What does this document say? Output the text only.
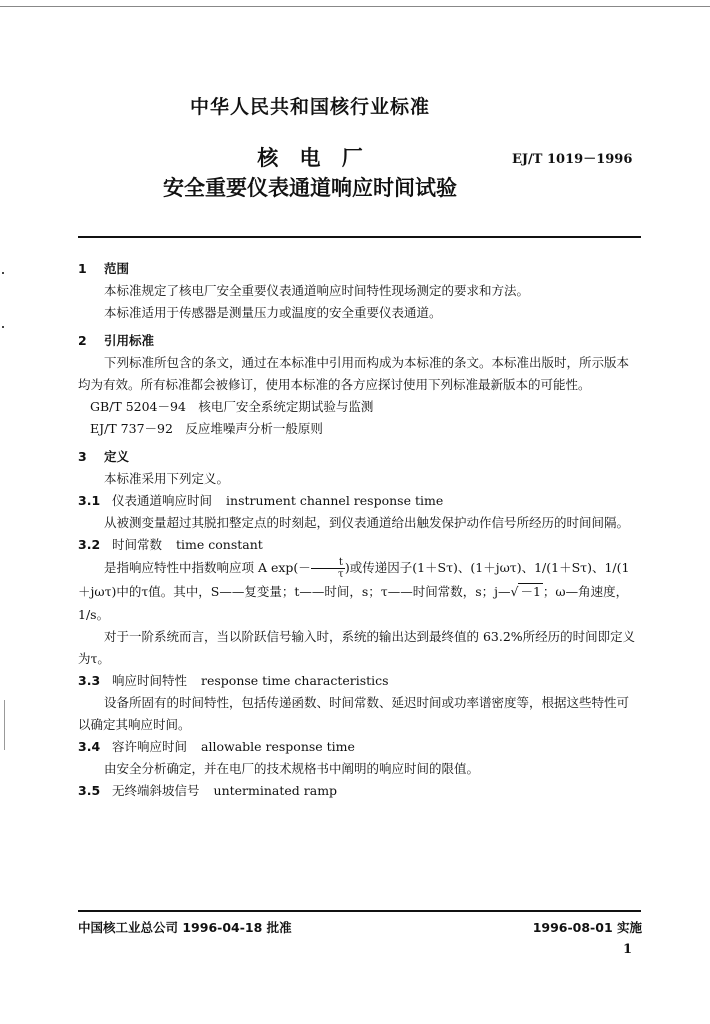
中华人民共和国核行业标准
核 电 厂
安全重要仪表通道响应时间试验
EJ/T 1019－1996
1 范围

本标准规定了核电厂安全重要仪表通道响应时间特性现场测定的要求和方法。

本标准适用于传感器是测量压力或温度的安全重要仪表通道。

2 引用标准

下列标准所包含的条文，通过在本标准中引用而构成为本标准的条文。本标准出版时，所示版本均为有效。所有标准都会被修订，使用本标准的各方应探讨使用下列标准最新版本的可能性。

GB/T 5204－94　核电厂安全系统定期试验与监测

EJ/T 737－92　反应堆噪声分析一般原则

3 定义

本标准采用下列定义。

3.1 仪表通道响应时间 instrument channel response time

从被测变量超过其脱扣整定点的时刻起，到仪表通道给出触发保护动作信号所经历的时间间隔。

3.2 时间常数 time constant

是指响应特性中指数响应项 A $\exp(- \frac{t}{\tau}$ )或传递因子(1＋Sτ)、(1＋jωτ)、1/(1＋Sτ)、1/(1＋jωτ)中的τ值。其中，S——复变量；t——时间，s；τ——时间常数，s；j—√ －1 ；ω—角速度，1/s。

对于一阶系统而言，当以阶跃信号输入时，系统的输出达到最终值的 63.2%所经历的时间即定义为τ。

3.3 响应时间特性 response time characteristics

设备所固有的时间特性，包括传递函数、时间常数、延迟时间或功率谱密度等，根据这些特性可以确定其响应时间。

3.4 容许响应时间 allowable response time

由安全分析确定，并在电厂的技术规格书中阐明的响应时间的限值。

3.5 无终端斜坡信号 unterminated ramp

中国核工业总公司 1996-04-18 批准	1996-08-01 实施
1
